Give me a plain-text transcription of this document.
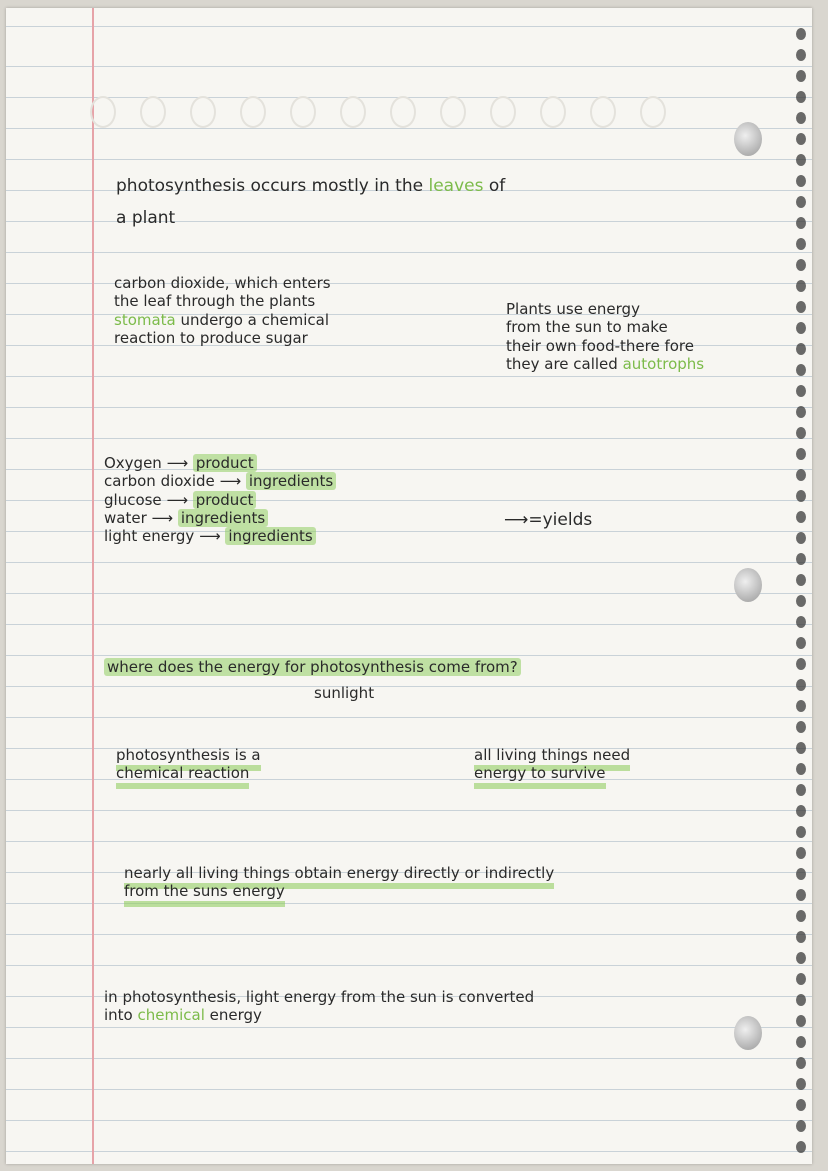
photosynthesis occurs mostly in the leaves of

a plant

carbon dioxide, which enters
the leaf through the plants
stomata undergo a chemical
reaction to produce sugar
Plants use energy
from the sun to make
their own food-there fore
they are called autotrophs
Oxygen ⟶ product
carbon dioxide ⟶ ingredients
glucose ⟶ product
water ⟶ ingredients
light energy ⟶ ingredients

⟶=yields

where does the energy for photosynthesis come from?

sunlight

photosynthesis is a
chemical reaction
all living things need
energy to survive
nearly all living things obtain energy directly or indirectly
from the suns energy
in photosynthesis, light energy from the sun is converted
into chemical energy
